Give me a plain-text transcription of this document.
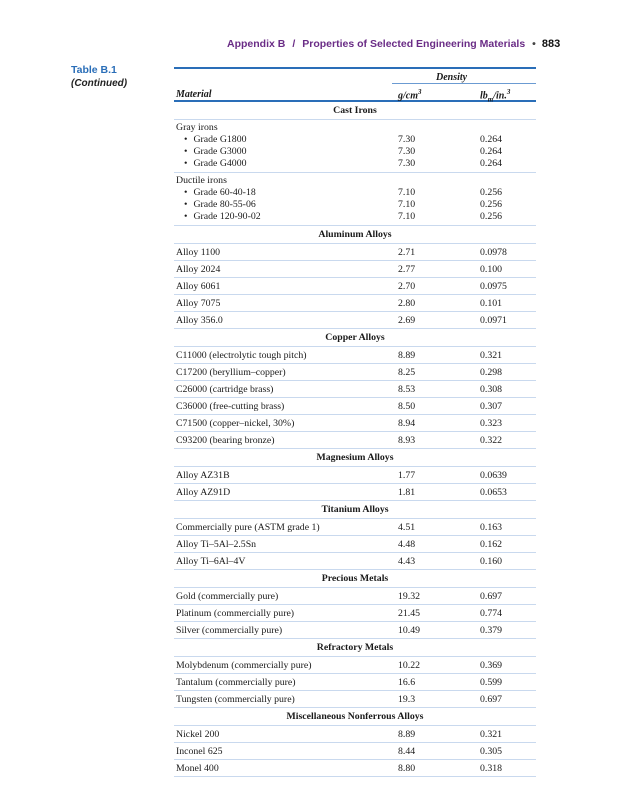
Appendix B / Properties of Selected Engineering Materials • 883
Table B.1
(Continued)
Density
Material	$g/cm^3$	$lb_m/in.^3$
Cast Irons
Gray irons
• Grade G1800	7.30	0.264
• Grade G3000	7.30	0.264
• Grade G4000	7.30	0.264
Ductile irons
• Grade 60-40-18	7.10	0.256
• Grade 80-55-06	7.10	0.256
• Grade 120-90-02	7.10	0.256
Aluminum Alloys
Alloy 1100	2.71	0.0978
Alloy 2024	2.77	0.100
Alloy 6061	2.70	0.0975
Alloy 7075	2.80	0.101
Alloy 356.0	2.69	0.0971
Copper Alloys
C11000 (electrolytic tough pitch)	8.89	0.321
C17200 (beryllium–copper)	8.25	0.298
C26000 (cartridge brass)	8.53	0.308
C36000 (free-cutting brass)	8.50	0.307
C71500 (copper–nickel, 30%)	8.94	0.323
C93200 (bearing bronze)	8.93	0.322
Magnesium Alloys
Alloy AZ31B	1.77	0.0639
Alloy AZ91D	1.81	0.0653
Titanium Alloys
Commercially pure (ASTM grade 1)	4.51	0.163
Alloy Ti–5Al–2.5Sn	4.48	0.162
Alloy Ti–6Al–4V	4.43	0.160
Precious Metals
Gold (commercially pure)	19.32	0.697
Platinum (commercially pure)	21.45	0.774
Silver (commercially pure)	10.49	0.379
Refractory Metals
Molybdenum (commercially pure)	10.22	0.369
Tantalum (commercially pure)	16.6	0.599
Tungsten (commercially pure)	19.3	0.697
Miscellaneous Nonferrous Alloys
Nickel 200	8.89	0.321
Inconel 625	8.44	0.305
Monel 400	8.80	0.318
